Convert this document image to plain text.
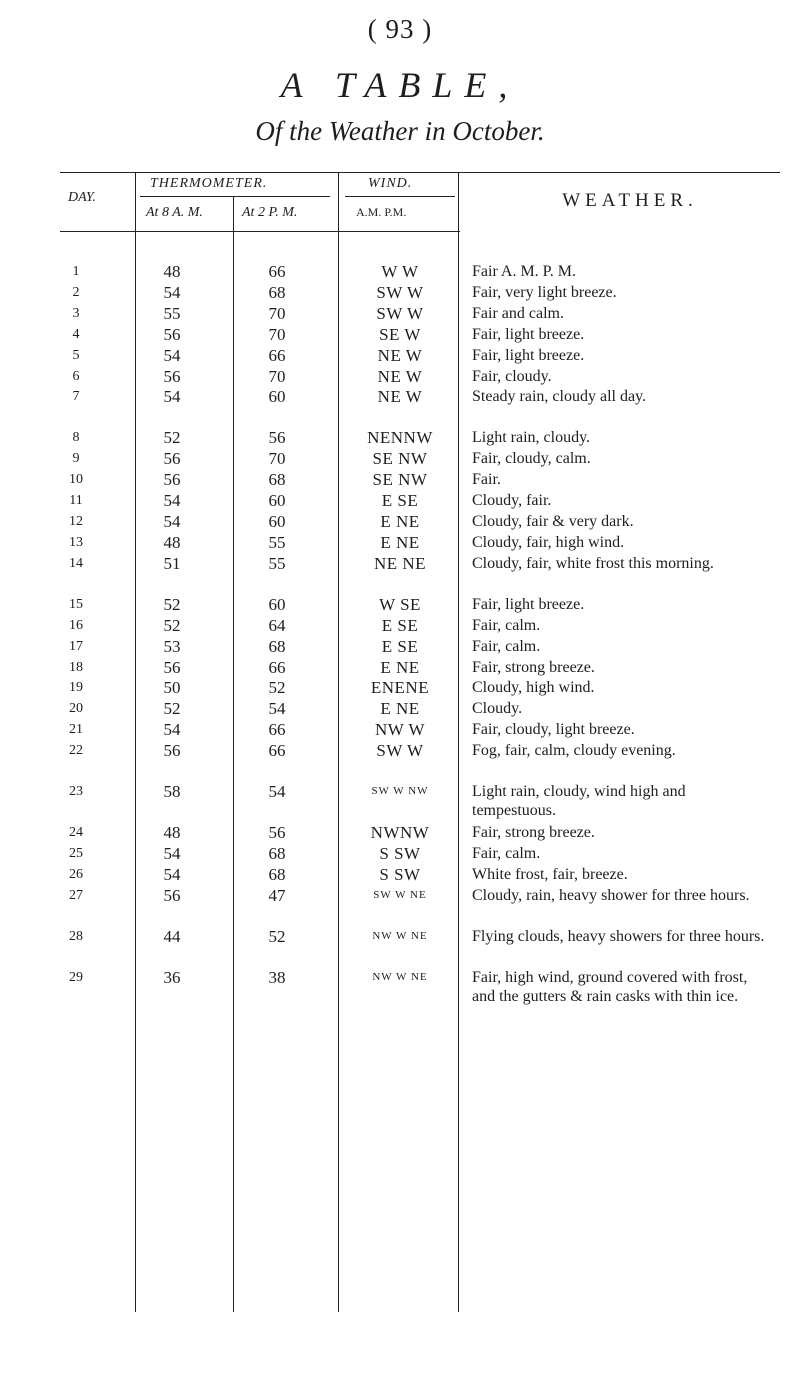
( 93 )
A TABLE,
Of the Weather in October.
DAY.
THERMOMETER.
At 8 A. M.	At 2 P. M.
WIND.
A.M. P.M.
WEATHER.
1	48	66	W W	Fair A. M. P. M.
2	54	68	SW W	Fair, very light breeze.
3	55	70	SW W	Fair and calm.
4	56	70	SE W	Fair, light breeze.
5	54	66	NE W	Fair, light breeze.
6	56	70	NE W	Fair, cloudy.
7	54	60	NE W	Steady rain, cloudy all day.
8	52	56	NENNW	Light rain, cloudy.
9	56	70	SE NW	Fair, cloudy, calm.
10	56	68	SE NW	Fair.
11	54	60	E SE	Cloudy, fair.
12	54	60	E NE	Cloudy, fair & very dark.
13	48	55	E NE	Cloudy, fair, high wind.
14	51	55	NE NE	Cloudy, fair, white frost this morning.
15	52	60	W SE	Fair, light breeze.
16	52	64	E SE	Fair, calm.
17	53	68	E SE	Fair, calm.
18	56	66	E NE	Fair, strong breeze.
19	50	52	ENENE	Cloudy, high wind.
20	52	54	E NE	Cloudy.
21	54	66	NW W	Fair, cloudy, light breeze.
22	56	66	SW W	Fog, fair, calm, cloudy evening.
23	58	54	SW W NW	Light rain, cloudy, wind high and tempestuous.
24	48	56	NWNW	Fair, strong breeze.
25	54	68	S SW	Fair, calm.
26	54	68	S SW	White frost, fair, breeze.
27	56	47	SW W NE	Cloudy, rain, heavy shower for three hours.
28	44	52	NW W NE	Flying clouds, heavy showers for three hours.
29	36	38	NW W NE	Fair, high wind, ground covered with frost, and the gutters & rain casks with thin ice.
